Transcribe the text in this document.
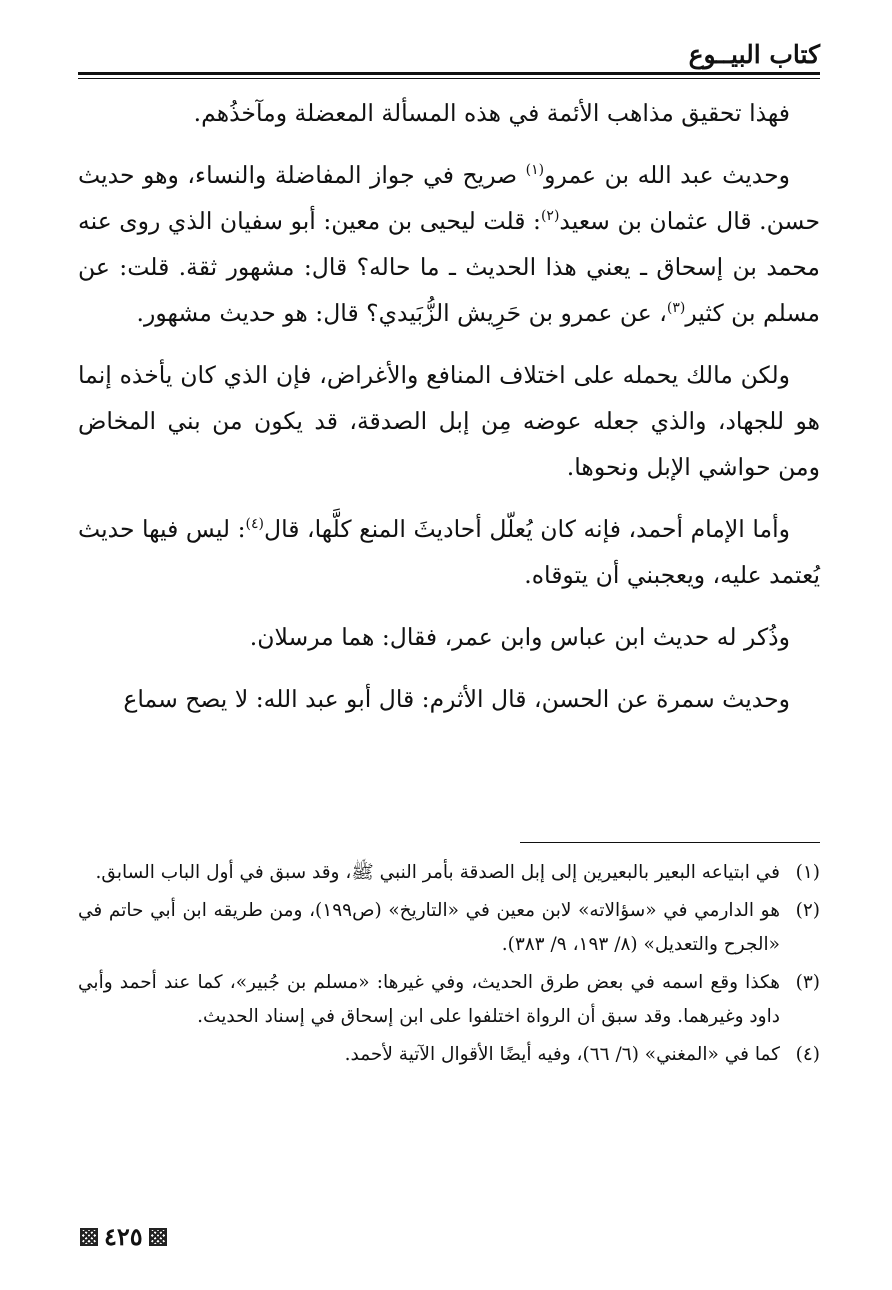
كتاب البيــوع

فهذا تحقيق مذاهب الأئمة في هذه المسألة المعضلة ومآخذُهم.

وحديث عبد الله بن عمرو$^{(١)}$ صريح في جواز المفاضلة والنساء، وهو حديث حسن. قال عثمان بن سعيد$^{(٢)}$: قلت ليحيى بن معين: أبو سفيان الذي روى عنه محمد بن إسحاق ـ يعني هذا الحديث ـ ما حاله؟ قال: مشهور ثقة. قلت: عن مسلم بن كثير$^{(٣)}$، عن عمرو بن حَرِيش الزُّبَيدي؟ قال: هو حديث مشهور.

ولكن مالك يحمله على اختلاف المنافع والأغراض، فإن الذي كان يأخذه إنما هو للجهاد، والذي جعله عوضه مِن إبل الصدقة، قد يكون من بني المخاض ومن حواشي الإبل ونحوها.

وأما الإمام أحمد، فإنه كان يُعلّل أحاديثَ المنع كلَّها، قال$^{(٤)}$: ليس فيها حديث يُعتمد عليه، ويعجبني أن يتوقاه.

وذُكر له حديث ابن عباس وابن عمر، فقال: هما مرسلان.

وحديث سمرة عن الحسن، قال الأثرم: قال أبو عبد الله: لا يصح سماع

(١)
في ابتياعه البعير بالبعيرين إلى إبل الصدقة بأمر النبي ﷺ، وقد سبق في أول الباب السابق.
(٢)
هو الدارمي في «سؤالاته» لابن معين في «التاريخ» (ص١٩٩)، ومن طريقه ابن أبي حاتم في «الجرح والتعديل» (٨/ ١٩٣، ٩/ ٣٨٣).
(٣)
هكذا وقع اسمه في بعض طرق الحديث، وفي غيرها: «مسلم بن جُبير»، كما عند أحمد وأبي داود وغيرهما. وقد سبق أن الرواة اختلفوا على ابن إسحاق في إسناد الحديث.
(٤)
كما في «المغني» (٦/ ٦٦)، وفيه أيضًا الأقوال الآتية لأحمد.
٤٢٥
